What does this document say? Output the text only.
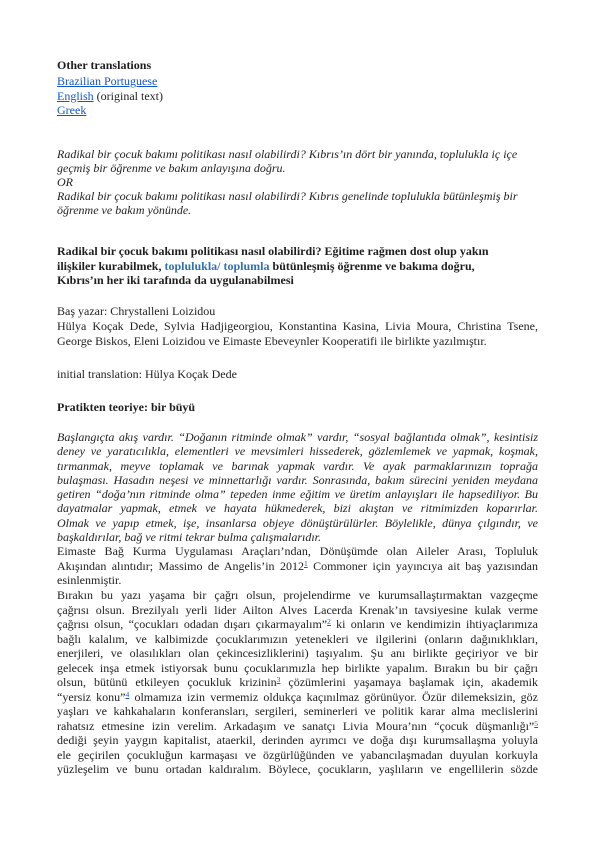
Other translations
Brazilian Portuguese
English (original text)
Greek
Radikal bir çocuk bakımı politikası nasıl olabilirdi? Kıbrıs’ın dört bir yanında, toplulukla iç içe
geçmiş bir öğrenme ve bakım anlayışına doğru.
OR
Radikal bir çocuk bakımı politikası nasıl olabilirdi? Kıbrıs genelinde toplulukla bütünleşmiş bir
öğrenme ve bakım yönünde.
Radikal bir çocuk bakımı politikası nasıl olabilirdi? Eğitime rağmen dost olup yakın
ilişkiler kurabilmek, toplulukla/ toplumla bütünleşmiş öğrenme ve bakıma doğru,
Kıbrıs’ın her iki tarafında da uygulanabilmesi
Baş yazar: Chrystalleni Loizidou
Hülya Koçak Dede, Sylvia Hadjigeorgiou, Konstantina Kasina, Livia Moura, Christina Tsene,
George Biskos, Eleni Loizidou ve Eimaste Ebeveynler Kooperatifi ile birlikte yazılmıştır.
initial translation: Hülya Koçak Dede
Pratikten teoriye: bir büyü
Başlangıçta akış vardır. “Doğanın ritminde olmak” vardır, “sosyal bağlantıda olmak”, kesintisiz
deney ve yaratıcılıkla, elementleri ve mevsimleri hissederek, gözlemlemek ve yapmak, koşmak,
tırmanmak, meyve toplamak ve barınak yapmak vardır. Ve ayak parmaklarınızın toprağa
bulaşması. Hasadın neşesi ve minnettarlığı vardır. Sonrasında, bakım sürecini yeniden meydana
getiren “doğa’nın ritminde olma” tepeden inme eğitim ve üretim anlayışları ile hapsediliyor. Bu
dayatmalar yapmak, etmek ve hayata hükmederek, bizi akıştan ve ritmimizden koparırlar.
Olmak ve yapıp etmek, işe, insanlarsa objeye dönüştürülürler. Böylelikle, dünya çılgındır, ve
başkaldırılar, bağ ve ritmi tekrar bulma çalışmalarıdır.
Eimaste Bağ Kurma Uygulaması Araçları’ndan, Dönüşümde olan Aileler Arası, Topluluk
Akışından alıntıdır; Massimo de Angelis’in 2012$^1$ Commoner için yayıncıya ait baş yazısından
esinlenmiştir.
Bırakın bu yazı yaşama bir çağrı olsun, projelendirme ve kurumsallaştırmaktan vazgeçme
çağrısı olsun. Brezilyalı yerli lider Ailton Alves Lacerda Krenak’ın tavsiyesine kulak verme
çağrısı olsun, “çocukları odadan dışarı çıkarmayalım”$^2$ ki onların ve kendimizin ihtiyaçlarımıza
bağlı kalalım, ve kalbimizde çocuklarımızın yetenekleri ve ilgilerini (onların dağınıklıkları,
enerjileri, ve olasılıkları olan çekincesizliklerini) taşıyalım. Şu anı birlikte geçiriyor ve bir
gelecek inşa etmek istiyorsak bunu çocuklarımızla hep birlikte yapalım. Bırakın bu bir çağrı
olsun, bütünü etkileyen çocukluk krizinin$^3$ çözümlerini yaşamaya başlamak için, akademik
“yersiz konu”$^4$ olmamıza izin vermemiz oldukça kaçınılmaz görünüyor. Özür dilemeksizin, göz
yaşları ve kahkahaların konferansları, sergileri, seminerleri ve politik karar alma meclislerini
rahatsız etmesine izin verelim. Arkadaşım ve sanatçı Livia Moura’nın “çocuk düşmanlığı”$^5$
dediği şeyin yaygın kapitalist, ataerkil, derinden ayrımcı ve doğa dışı kurumsallaşma yoluyla
ele geçirilen çocukluğun karmaşası ve özgürlüğünden ve yabancılaşmadan duyulan korkuyla
yüzleşelim ve bunu ortadan kaldıralım. Böylece, çocukların, yaşlıların ve engellilerin sözde
